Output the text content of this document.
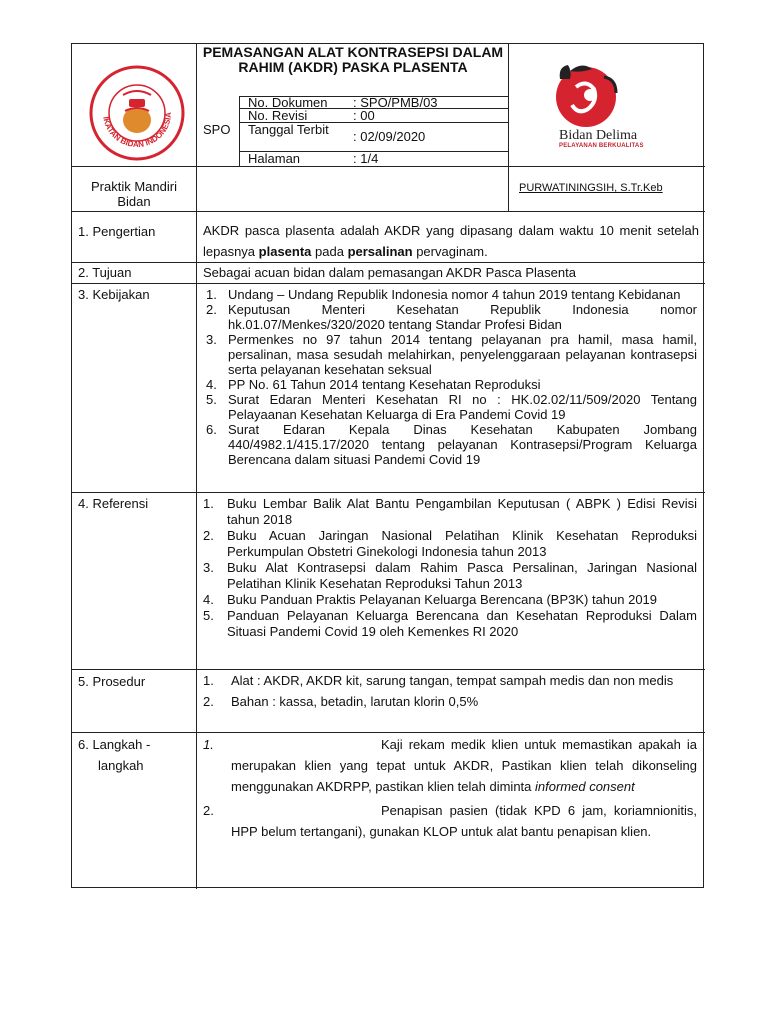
IKATAN BIDAN INDONESIA
PEMASANGAN ALAT KONTRASEPSI DALAM RAHIM (AKDR) PASKA PLASENTA
SPO
No. Dokumen : SPO/PMB/03
No. Revisi	: 00
Tanggal Terbit	: 02/09/2020
Halaman	: 1/4
Bidan Delima
PELAYANAN BERKUALITAS
Praktik Mandiri Bidan
PURWATININGSIH, S.Tr.Keb
1. Pengertian	AKDR pasca plasenta adalah AKDR yang dipasang dalam waktu 10 menit setelah lepasnya plasenta pada persalinan pervaginam.
2. Tujuan	Sebagai acuan bidan dalam pemasangan AKDR Pasca Plasenta
3. Kebijakan	1. Undang – Undang Republik Indonesia nomor 4 tahun 2019 tentang Kebidanan
2. Keputusan Menteri Kesehatan Republik Indonesia nomor hk.01.07/Menkes/320/2020 tentang Standar Profesi Bidan
3. Permenkes no 97 tahun 2014 tentang pelayanan pra hamil, masa hamil, persalinan, masa sesudah melahirkan, penyelenggaraan pelayanan kontrasepsi serta pelayanan kesehatan seksual
4. PP No. 61 Tahun 2014 tentang Kesehatan Reproduksi
5. Surat Edaran Menteri Kesehatan RI no : HK.02.02/11/509/2020 Tentang Pelayaanan Kesehatan Keluarga di Era Pandemi Covid 19
6. Surat Edaran Kepala Dinas Kesehatan Kabupaten Jombang 440/4982.1/415.17/2020 tentang pelayanan Kontrasepsi/Program Keluarga Berencana dalam situasi Pandemi Covid 19
4. Referensi	1. Buku Lembar Balik Alat Bantu Pengambilan Keputusan ( ABPK ) Edisi Revisi tahun 2018
2. Buku Acuan Jaringan Nasional Pelatihan Klinik Kesehatan Reproduksi Perkumpulan Obstetri Ginekologi Indonesia tahun 2013
3. Buku Alat Kontrasepsi dalam Rahim Pasca Persalinan, Jaringan Nasional Pelatihan Klinik Kesehatan Reproduksi Tahun 2013
4. Buku Panduan Praktis Pelayanan Keluarga Berencana (BP3K) tahun 2019
5. Panduan Pelayanan Keluarga Berencana dan Kesehatan Reproduksi Dalam Situasi Pandemi Covid 19 oleh Kemenkes RI 2020
5. Prosedur	1. Alat : AKDR, AKDR kit, sarung tangan, tempat sampah medis dan non medis
2. Bahan : kassa, betadin, larutan klorin 0,5%
6. Langkah -
langkah
1.	Kaji rekam medik klien untuk memastikan apakah ia merupakan klien yang tepat untuk AKDR, Pastikan klien telah dikonseling menggunakan AKDRPP, pastikan klien telah diminta informed consent
2.	Penapisan pasien (tidak KPD 6 jam, koriamnionitis, HPP belum tertangani), gunakan KLOP untuk alat bantu penapisan klien.
